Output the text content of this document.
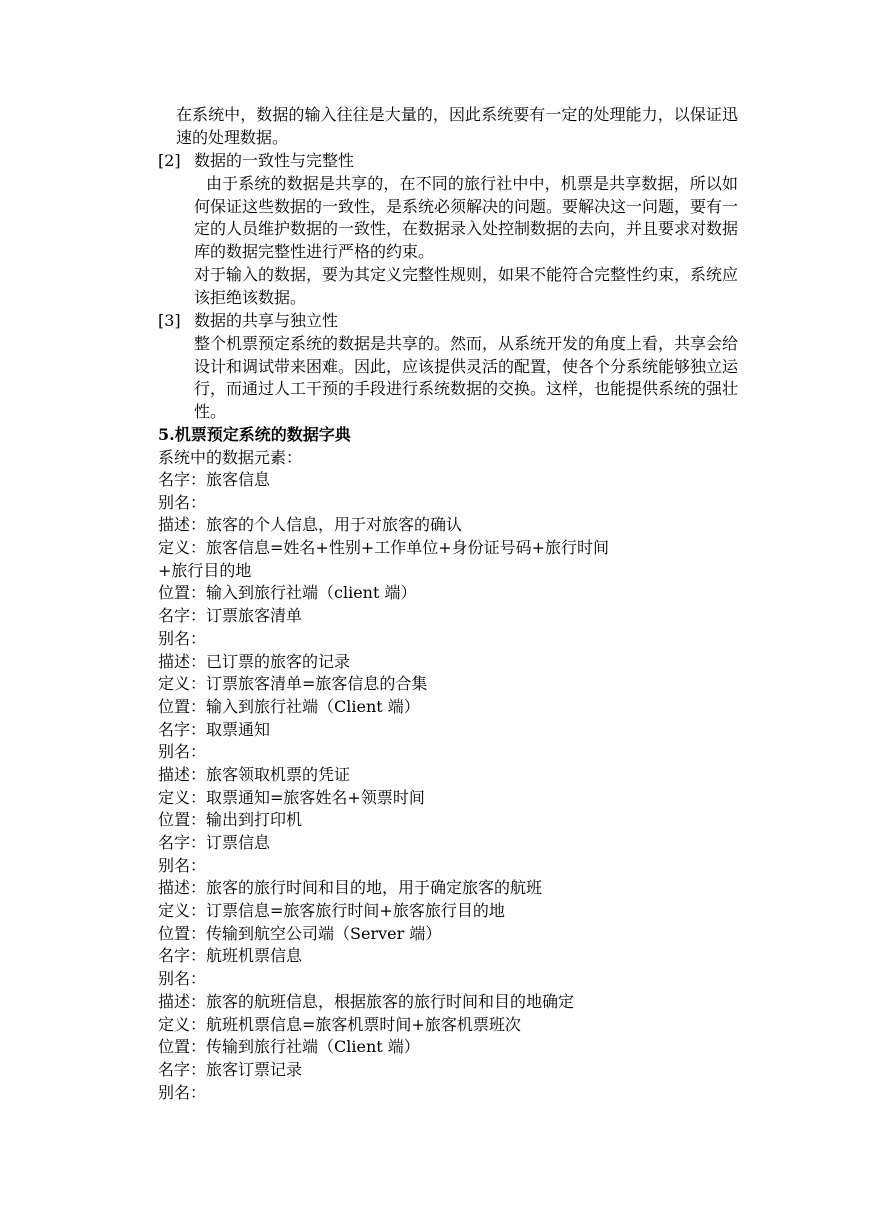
在系统中，数据的输入往往是大量的，因此系统要有一定的处理能力，以保证迅速的处理数据。
[2] 数据的一致性与完整性
由于系统的数据是共享的，在不同的旅行社中中，机票是共享数据，所以如何保证这些数据的一致性，是系统必须解决的问题。要解决这一问题，要有一定的人员维护数据的一致性，在数据录入处控制数据的去向，并且要求对数据库的数据完整性进行严格的约束。
对于输入的数据，要为其定义完整性规则，如果不能符合完整性约束，系统应该拒绝该数据。
[3] 数据的共享与独立性
整个机票预定系统的数据是共享的。然而，从系统开发的角度上看，共享会给设计和调试带来困难。因此，应该提供灵活的配置，使各个分系统能够独立运行，而通过人工干预的手段进行系统数据的交换。这样，也能提供系统的强壮性。
5.机票预定系统的数据字典
系统中的数据元素：
名字：旅客信息
别名：
描述：旅客的个人信息，用于对旅客的确认
定义：旅客信息=姓名+性别+工作单位+身份证号码+旅行时间
+旅行目的地
位置：输入到旅行社端（client 端）
名字：订票旅客清单
别名：
描述：已订票的旅客的记录
定义：订票旅客清单=旅客信息的合集
位置：输入到旅行社端（Client 端）
名字：取票通知
别名：
描述：旅客领取机票的凭证
定义：取票通知=旅客姓名+领票时间
位置：输出到打印机
名字：订票信息
别名：
描述：旅客的旅行时间和目的地，用于确定旅客的航班
定义：订票信息=旅客旅行时间+旅客旅行目的地
位置：传输到航空公司端（Server 端）
名字：航班机票信息
别名：
描述：旅客的航班信息，根据旅客的旅行时间和目的地确定
定义：航班机票信息=旅客机票时间+旅客机票班次
位置：传输到旅行社端（Client 端）
名字：旅客订票记录
别名：
